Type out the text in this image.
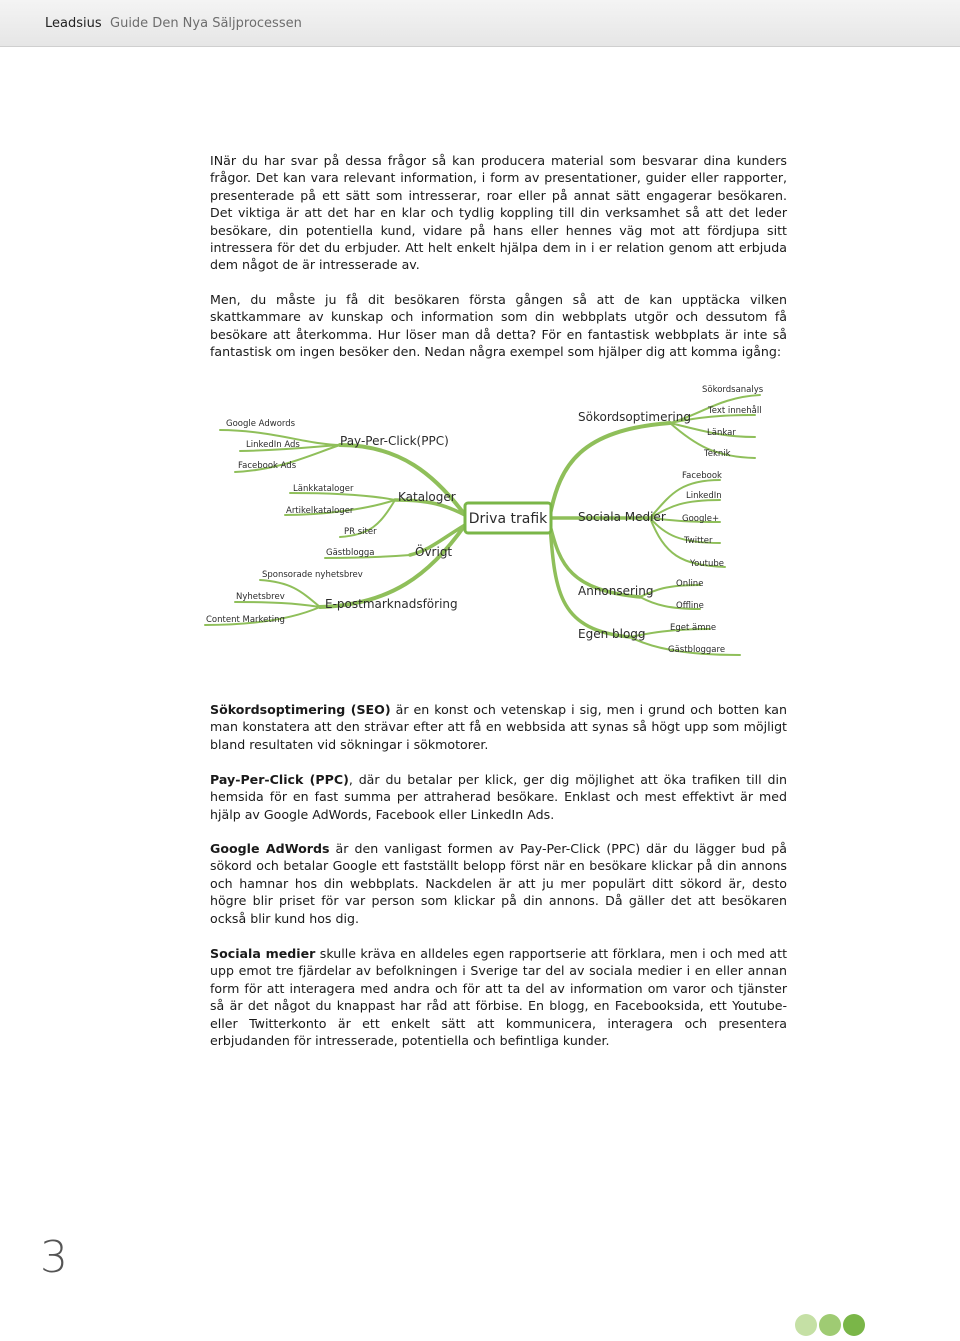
Leadsius Guide Den Nya Säljprocessen

INär du har svar på dessa frågor så kan producera material som besvarar dina kunders frågor. Det kan vara relevant information, i form av presentationer, guider eller rapporter, presenterade på ett sätt som intresserar, roar eller på annat sätt engagerar besökaren. Det viktiga är att det har en klar och tydlig koppling till din verksamhet så att det leder besökare, din potentiella kund, vidare på hans eller hennes väg mot att fördjupa sitt intressera för det du erbjuder. Att helt enkelt hjälpa dem in i er relation genom att erbjuda dem något de är intresserade av.

Men, du måste ju få dit besökaren första gången så att de kan upptäcka vilken skattkammare av kunskap och information som din webbplats utgör och dessutom få besökare att återkomma. Hur löser man då detta? För en fantastisk webbplats är inte så fantastisk om ingen besöker den. Nedan några exempel som hjälper dig att komma igång:

Driva trafik
Pay-Per-Click(PPC)
Kataloger
Övrigt
E-postmarknadsföring
Sökordsoptimering
Sociala Medier
Annonsering
Egen blogg
Google Adwords
LinkedIn Ads
Facebook Ads
Länkkataloger
Artikelkataloger
PR siter
Gästblogga
Sponsorade nyhetsbrev
Nyhetsbrev
Content Marketing
Sökordsanalys
Text innehåll
Länkar
Teknik
Facebook
LinkedIn
Google+
Twitter
Youtube
Online
Offline
Eget ämne
Gästbloggare

Sökordsoptimering (SEO) är en konst och vetenskap i sig, men i grund och botten kan man konstatera att den strävar efter att få en webbsida att synas så högt upp som möjligt bland resultaten vid sökningar i sökmotorer.

Pay-Per-Click (PPC), där du betalar per klick, ger dig möjlighet att öka trafiken till din hemsida för en fast summa per attraherad besökare. Enklast och mest effektivt är med hjälp av Google AdWords, Facebook eller LinkedIn Ads.

Google AdWords är den vanligast formen av Pay-Per-Click (PPC) där du lägger bud på sökord och betalar Google ett fastställt belopp först när en besökare klickar på din annons och hamnar hos din webbplats. Nackdelen är att ju mer populärt ditt sökord är, desto högre blir priset för var person som klickar på din annons. Då gäller det att besökaren också blir kund hos dig.

Sociala medier skulle kräva en alldeles egen rapportserie att förklara, men i och med att upp emot tre fjärdelar av befolkningen i Sverige tar del av sociala medier i en eller annan form för att interagera med andra och för att ta del av information om varor och tjänster så är det något du knappast har råd att förbise. En blogg, en Facebooksida, ett Youtube- eller Twitterkonto är ett enkelt sätt att kommunicera, interagera och presentera erbjudanden för intresserade, potentiella och befintliga kunder.

3
